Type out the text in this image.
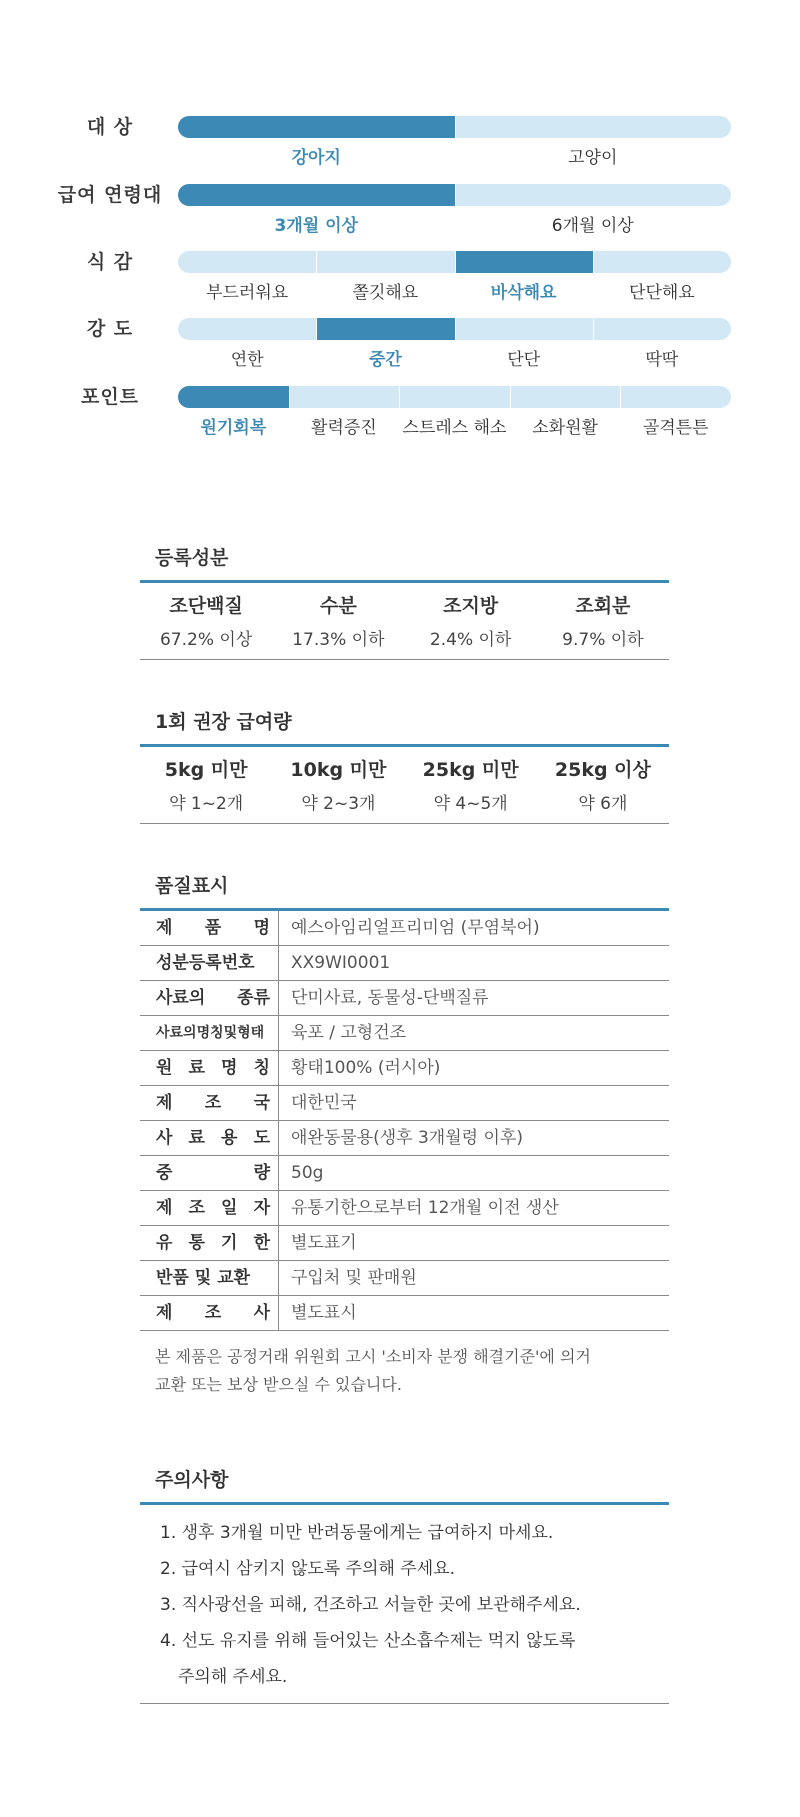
대 상
강아지	고양이
급여 연령대
3개월 이상	6개월 이상
식 감
부드러워요	쫄깃해요	바삭해요	단단해요
강 도
연한	중간	단단	딱딱
포인트
원기회복	활력증진	스트레스 해소	소화원활	골격튼튼
등록성분
조단백질	수분	조지방	조회분
67.2% 이상	17.3% 이하	2.4% 이하	9.7% 이하
1회 권장 급여량
5kg 미만	10kg 미만	25kg 미만	25kg 이상
약 1~2개	약 2~3개	약 4~5개	약 6개
품질표시
제 품 명	예스아임리얼프리미엄 (무염북어)
성분등록번호	XX9WI0001
사료의 종류	단미사료, 동물성-단백질류
사료의명칭및형태	육포 / 고형건조
원 료 명 칭	황태100% (러시아)
제 조 국	대한민국
사 료 용 도	애완동물용(생후 3개월령 이후)
중 량	50g
제 조 일 자	유통기한으로부터 12개월 이전 생산
유 통 기 한	별도표기
반품 및 교환	구입처 및 판매원
제 조 사	별도표시
본 제품은 공정거래 위원회 고시 '소비자 분쟁 해결기준'에 의거
교환 또는 보상 받으실 수 있습니다.
주의사항
1. 생후 3개월 미만 반려동물에게는 급여하지 마세요.
2. 급여시 삼키지 않도록 주의해 주세요.
3. 직사광선을 피해, 건조하고 서늘한 곳에 보관해주세요.
4. 선도 유지를 위해 들어있는 산소흡수제는 먹지 않도록
주의해 주세요.
